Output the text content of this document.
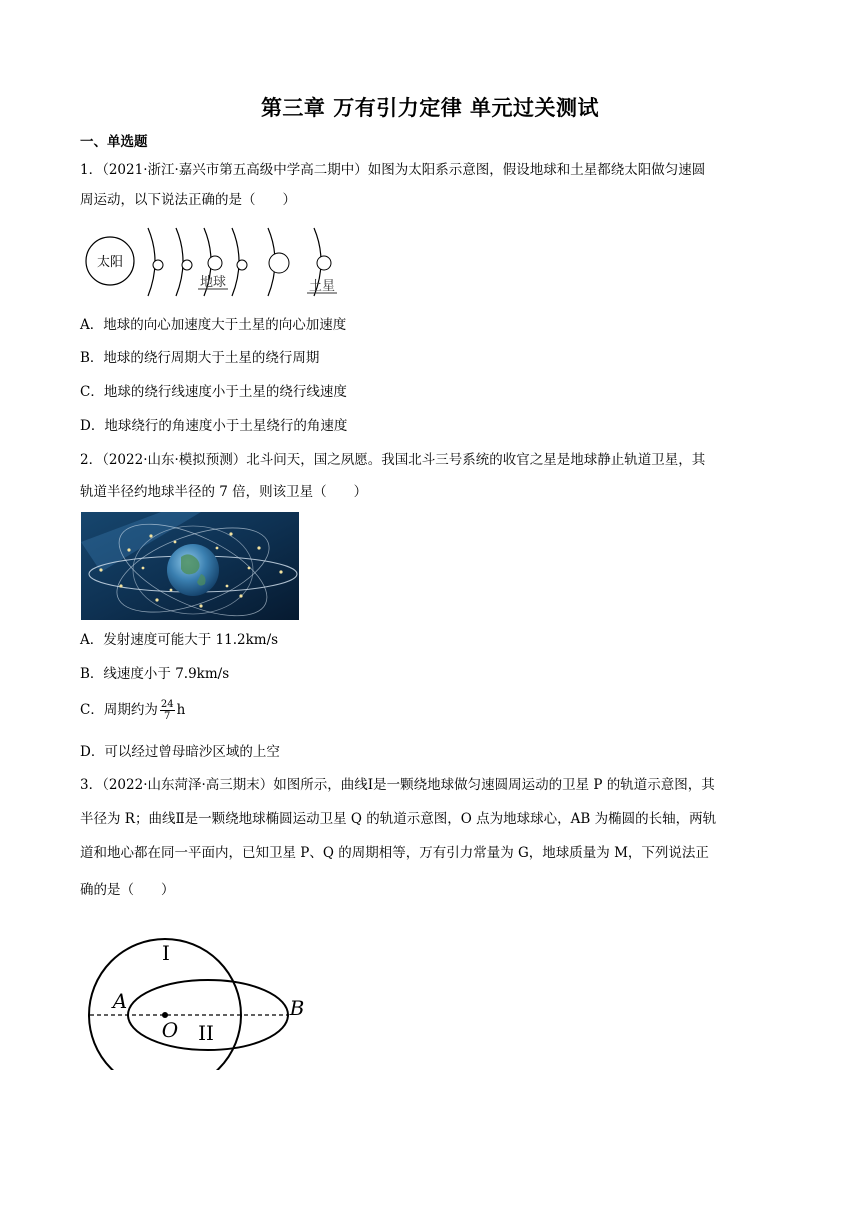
第三章 万有引力定律 单元过关测试
一、单选题
1．（2021·浙江·嘉兴市第五高级中学高二期中）如图为太阳系示意图，假设地球和土星都绕太阳做匀速圆
周运动，以下说法正确的是（　　）
太阳
地球	土星
A．地球的向心加速度大于土星的向心加速度
B．地球的绕行周期大于土星的绕行周期
C．地球的绕行线速度小于土星的绕行线速度
D．地球绕行的角速度小于土星绕行的角速度
2．（2022·山东·模拟预测）北斗问天，国之夙愿。我国北斗三号系统的收官之星是地球静止轨道卫星，其
轨道半径约地球半径的 7 倍，则该卫星（　　）
A．发射速度可能大于 11.2km/s
B．线速度小于 7.9km/s
C．周期约为 $\frac{24}{7}$ h
D．可以经过曾母暗沙区域的上空
3．（2022·山东菏泽·高三期末）如图所示，曲线Ⅰ是一颗绕地球做匀速圆周运动的卫星 P 的轨道示意图，其
半径为 R；曲线Ⅱ是一颗绕地球椭圆运动卫星 Q 的轨道示意图，O 点为地球球心，AB 为椭圆的长轴，两轨
道和地心都在同一平面内，已知卫星 P、Q 的周期相等，万有引力常量为 G，地球质量为 M，下列说法正
确的是（　　）
I
II
A	B
O
